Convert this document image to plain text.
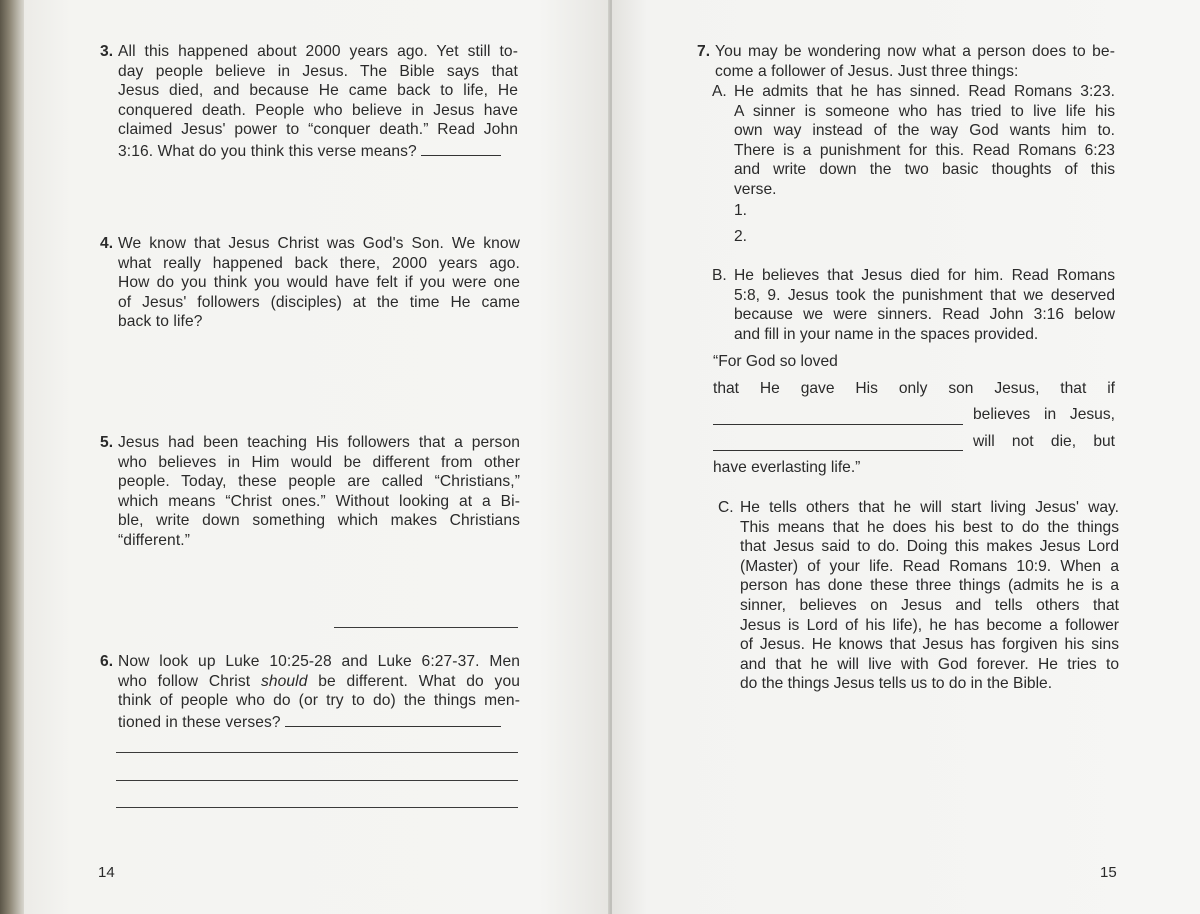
3. All this happened about 2000 years ago. Yet still to-
day people believe in Jesus. The Bible says that
Jesus died, and because He came back to life, He
conquered death. People who believe in Jesus have
claimed Jesus' power to “conquer death.” Read John
3:16. What do you think this verse means?
4. We know that Jesus Christ was God's Son. We know
what really happened back there, 2000 years ago.
How do you think you would have felt if you were one
of Jesus' followers (disciples) at the time He came
back to life?
5. Jesus had been teaching His followers that a person
who believes in Him would be different from other
people. Today, these people are called “Christians,”
which means “Christ ones.” Without looking at a Bi-
ble, write down something which makes Christians
“different.”
6. Now look up Luke 10:25-28 and Luke 6:27-37. Men
who follow Christ should be different. What do you
think of people who do (or try to do) the things men-
tioned in these verses?
14
7. You may be wondering now what a person does to be-
come a follower of Jesus. Just three things:
A. He admits that he has sinned. Read Romans 3:23.
A sinner is someone who has tried to live life his
own way instead of the way God wants him to.
There is a punishment for this. Read Romans 6:23
and write down the two basic thoughts of this
verse.
1.
2.
B. He believes that Jesus died for him. Read Romans
5:8, 9. Jesus took the punishment that we deserved
because we were sinners. Read John 3:16 below
and fill in your name in the spaces provided.
“For God so loved
that He gave His only son Jesus, that if
believes in Jesus,
will not die, but
have everlasting life.”
C. He tells others that he will start living Jesus' way.
This means that he does his best to do the things
that Jesus said to do. Doing this makes Jesus Lord
(Master) of your life. Read Romans 10:9. When a
person has done these three things (admits he is a
sinner, believes on Jesus and tells others that
Jesus is Lord of his life), he has become a follower
of Jesus. He knows that Jesus has forgiven his sins
and that he will live with God forever. He tries to
do the things Jesus tells us to do in the Bible.
15
